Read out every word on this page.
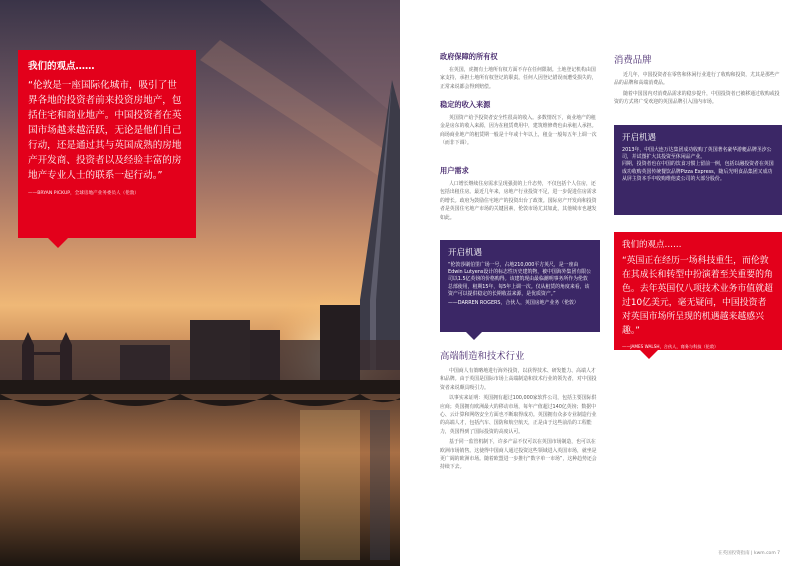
我们的观点……
“伦敦是一座国际化城市，吸引了世界各地的投资者前来投资房地产，包括住宅和商业地产。中国投资者在英国市场越来越活跃，无论是他们自己行动，还是通过其与英国成熟的房地产开发商、投资者以及经验丰富的房地产专业人士的联系一起行动。”
——BRYAN PICKUP，全球房地产业务委员人（伦敦）
政府保障的所有权
在英国，虎拥有土地所有权方面不存在任何限制。土地登记机构由国家支持，承担土地所有权登记的职责。任何人因登记错误而遭受损失的，正常来说都会得到赔偿。
稳定的收入来源
英国资产给予投资者安全性很高的收入。多数情况下，商业地产的租金是房东的收入来源，因为在租赁费用中，建筑维修费也由承租人承担。商场商业地产的租赁期一般是十年或十年以上，租金一般每五年上调一次（而非下调）。
用户需求
人口增长继续住房需求呈现强劲的上升态势，不仅包括个人住房，还包括出租住房。最近几年来，房地产行业投资不足，进一步促进住房需求的增长。政府为鼓励住宅地产的投资出台了政策。国际房产开发商和投资者是英国住宅地产市场的关键因素，伦敦市场尤其如此，其他城市也越发如此。
开启机遇
“伦敦莎刷伯里广场一号，占地210,000平方英尺，是一座由Edwin Lutyens设计的标志性历史建筑物，被中国海外集团有限公司以1.5亿英镑的价格购得。该建筑现由最临潮明事务所作为伦敦总部使用，租期15年，每5年上调一次。仅从租赁的角度来看，该资产可以提供稳定的长期收益来源，是优质资产。”
——DARREN ROGERS，合伙人，英国房地产业务（伦敦）
高端制造和技术行业
中国商人有策略地进行海外投资，以获得技术、研发能力、高端人才和品牌。由于英国是国际市场上高端制造和技术行业的领先者，对中国投资者来说颇具吸引力。
以事实来证明：英国拥有超过100,000家软件公司，包括主要国际供应商；英国拥有欧洲最大的移动市场，每年产值超过140亿英镑；数据中心、云计算和网络安全方面也不断取得成功。英国拥有众多专业制造行业的高端人才，包括汽车、国防和航空航天，正是由于这些前沿的工程能力，英国得到了国际投资的高度认可。
基于同一监管机制下，许多产品不仅可以在英国市场制造，也可以在欧洲市场销售。这使得中国商人通过投资这些领域进入英国市场，就坐是更广阔的欧洲市场。随着欧盟进一步推行“数字单一市场”，这种趋势还会持续下去。
消费品牌
近几年，中国投资者在零售和休闲行业进行了收购和投资，尤其是那些产品的品牌和高端消费品。
随着中国国内对消费品需求的稳步提升，中国投资者已被移通过收购或投资的方式将广受欢迎的英国品牌引入国内市场。
开启机遇
2013年，中国大连万达集团成功收购了英国著名豪华游艇品牌圣汐公司，并试图扩大其投资至休闲品产业。
同期，投资者也在中国的饮食习惯上留前一例，包括以融投资者在英国成功收购英国传统餐饮品牌Pizza Express，随后光明食品集团又成功从屏主资本手中收购维他麦公司的大部分股份。
我们的观点……
“英国正在经历一场科技重生，而伦敦在其成长和转型中扮演着至关重要的角色。去年英国仅八项技术业务市值就超过10亿美元，毫无疑问，中国投资者对英国市场所呈现的机遇越来越感兴趣。”
——JAMES WALSH，合伙人，商务与科技（伦敦）
在英国投资指南 | kwm.com 7
